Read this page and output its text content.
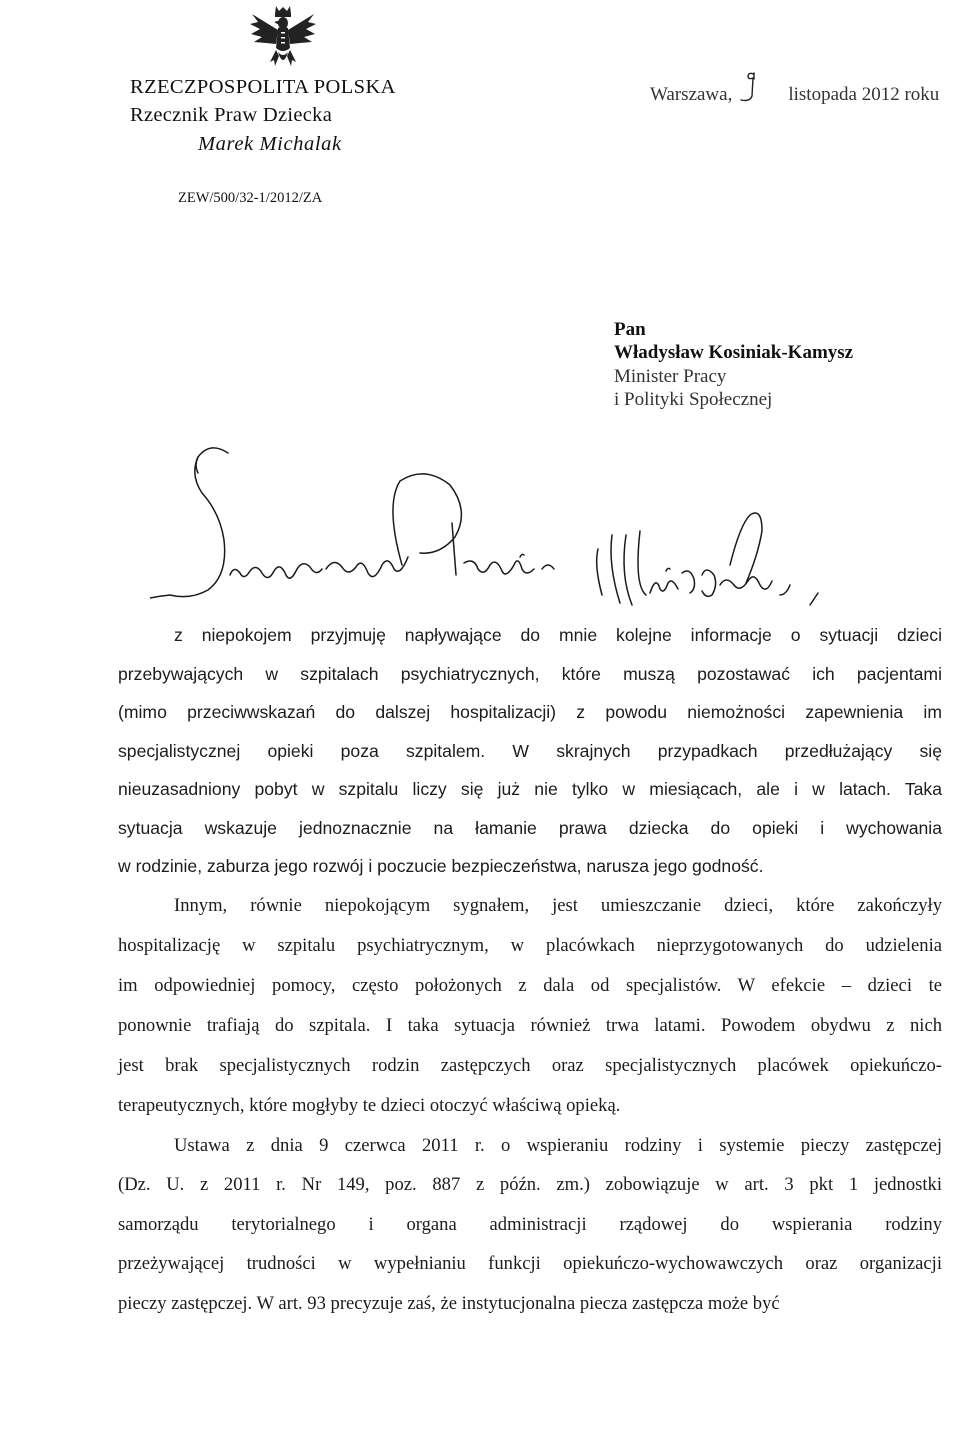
RZECZPOSPOLITA POLSKA
Rzecznik Praw Dziecka
Marek Michalak
ZEW/500/32-1/2012/ZA
Warszawa,	listopada 2012 roku
Pan
Władysław Kosiniak-Kamysz
Minister Pracy
i Polityki Społecznej
z niepokojem przyjmuję napływające do mnie kolejne informacje o sytuacji dzieci
przebywających w szpitalach psychiatrycznych, które muszą pozostawać ich pacjentami
(mimo przeciwwskazań do dalszej hospitalizacji) z powodu niemożności zapewnienia im
specjalistycznej opieki poza szpitalem. W skrajnych przypadkach przedłużający się
nieuzasadniony pobyt w szpitalu liczy się już nie tylko w miesiącach, ale i w latach. Taka
sytuacja wskazuje jednoznacznie na łamanie prawa dziecka do opieki i wychowania
w rodzinie, zaburza jego rozwój i poczucie bezpieczeństwa, narusza jego godność.
Innym, równie niepokojącym sygnałem, jest umieszczanie dzieci, które zakończyły
hospitalizację w szpitalu psychiatrycznym, w placówkach nieprzygotowanych do udzielenia
im odpowiedniej pomocy, często położonych z dala od specjalistów. W efekcie – dzieci te
ponownie trafiają do szpitala. I taka sytuacja również trwa latami. Powodem obydwu z nich
jest brak specjalistycznych rodzin zastępczych oraz specjalistycznych placówek opiekuńczo-
terapeutycznych, które mogłyby te dzieci otoczyć właściwą opieką.
Ustawa z dnia 9 czerwca 2011 r. o wspieraniu rodziny i systemie pieczy zastępczej
(Dz. U. z 2011 r. Nr 149, poz. 887 z późn. zm.) zobowiązuje w art. 3 pkt 1 jednostki
samorządu terytorialnego i organa administracji rządowej do wspierania rodziny
przeżywającej trudności w wypełnianiu funkcji opiekuńczo-wychowawczych oraz organizacji
pieczy zastępczej. W art. 93 precyzuje zaś, że instytucjonalna piecza zastępcza może być
